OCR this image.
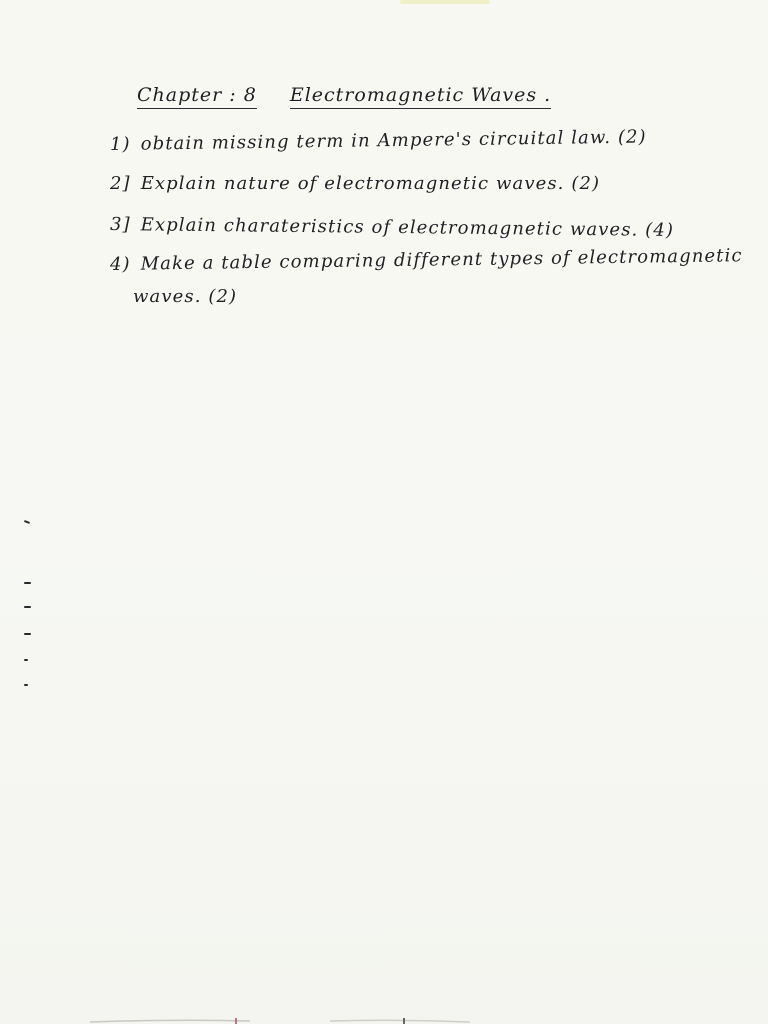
Chapter : 8 Electromagnetic Waves .
1) obtain missing term in Ampere's circuital law. (2)
2] Explain nature of electromagnetic waves. (2)
3] Explain charateristics of electromagnetic waves. (4)
4) Make a table comparing different types of electromagnetic
waves. (2)
